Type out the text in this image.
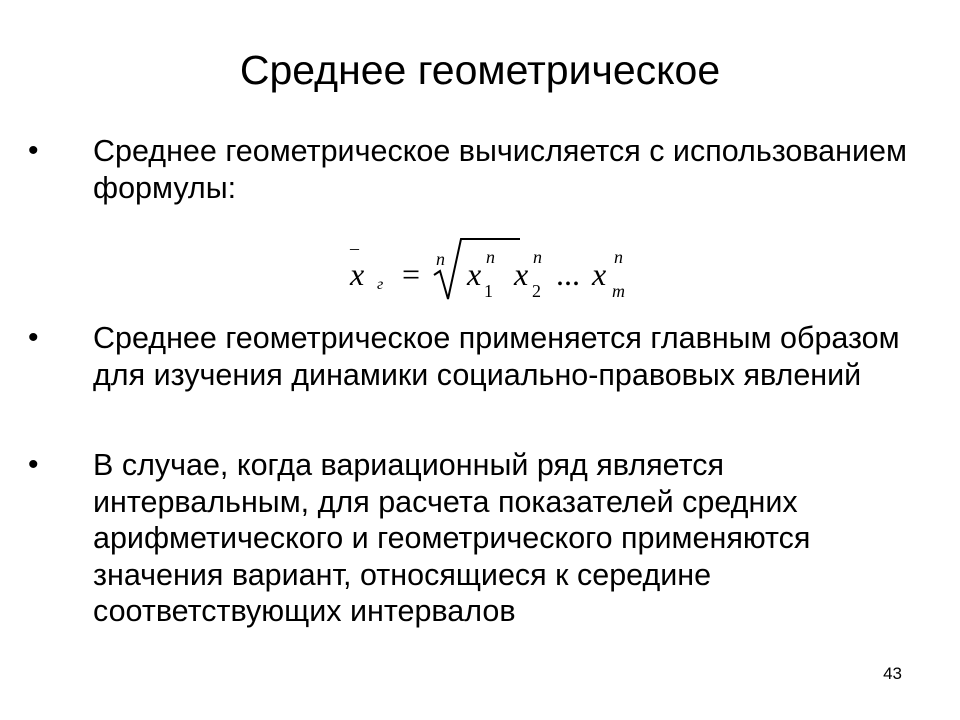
Среднее геометрическое
• Среднее геометрическое вычисляется с использованием формулы:
–
x г = n x n
1 x n
2 ... x n
m
• Среднее геометрическое применяется главным образом для изучения динамики социально-правовых явлений
• В случае, когда вариационный ряд является интервальным, для расчета показателей средних арифметического и геометрического применяются значения вариант, относящиеся к середине соответствующих интервалов
43
